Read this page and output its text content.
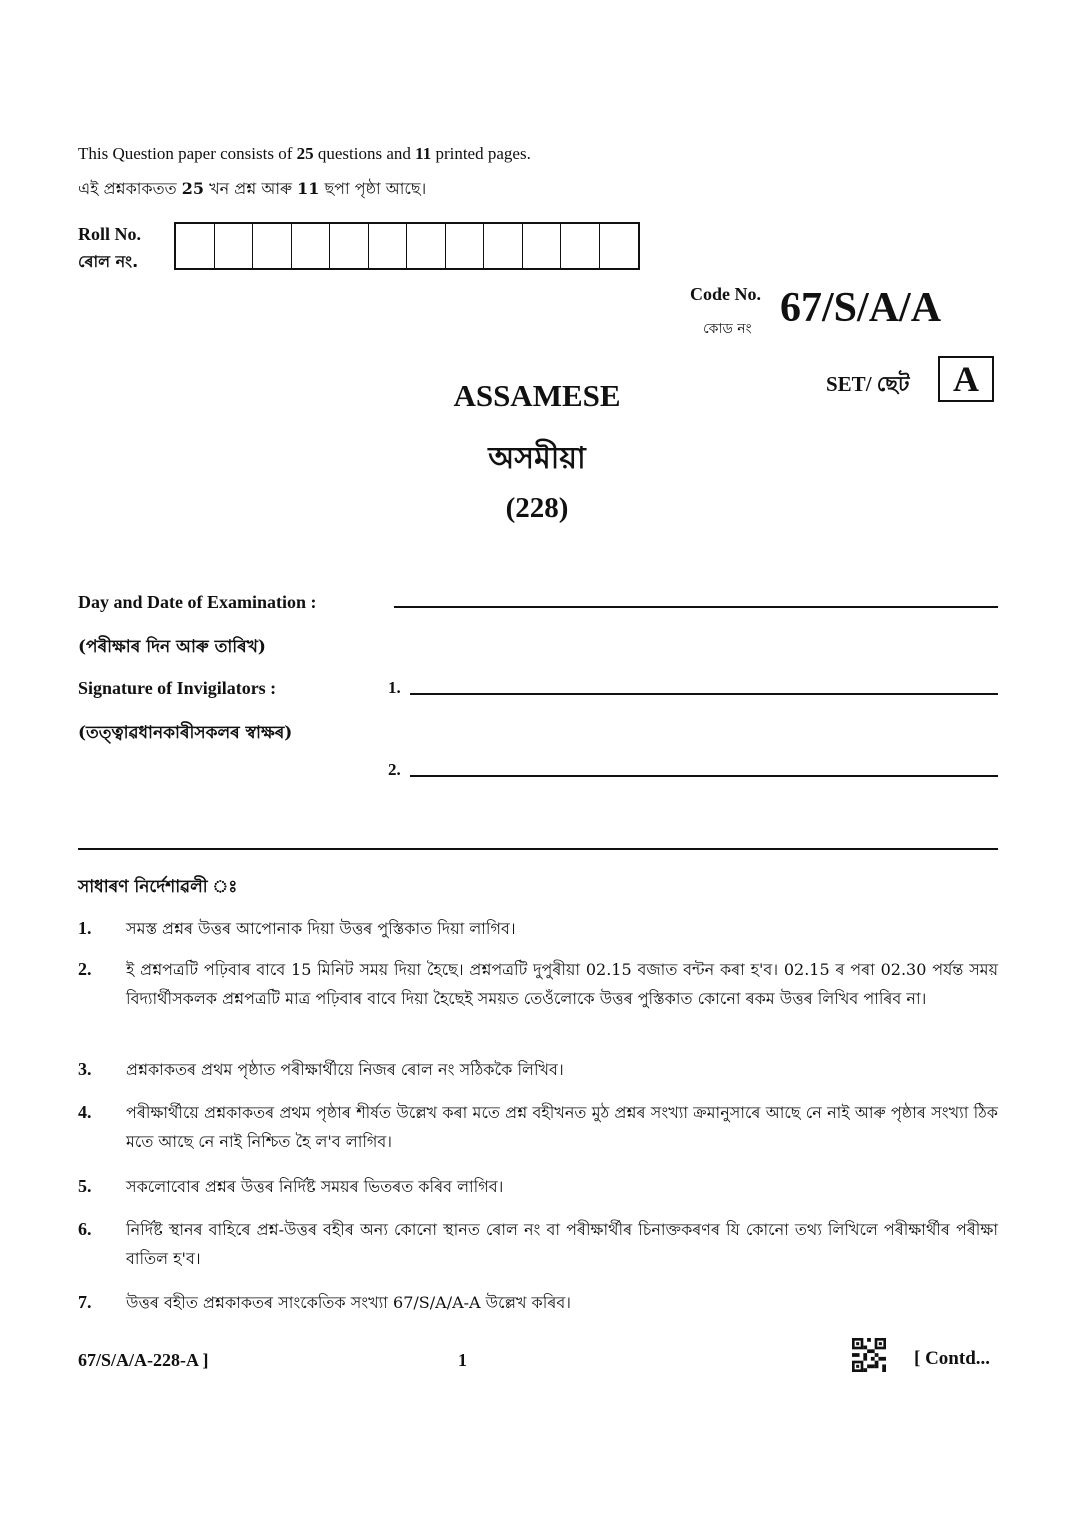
This Question paper consists of 25 questions and 11 printed pages.
এই প্ৰশ্নকাকতত 25 খন প্ৰশ্ন আৰু 11 ছপা পৃষ্ঠা আছে।
Roll No.
ৰোল নং.
Code No.
কোড নং 67/S/A/A
SET/ ছেট	A
ASSAMESE
অসমীয়া
(228)
Day and Date of Examination :
(পৰীক্ষাৰ দিন আৰু তাৰিখ)
Signature of Invigilators :	1.
(তত্ত্বাৱধানকাৰীসকলৰ স্বাক্ষৰ)
2.
সাধাৰণ নিৰ্দেশাৱলী ঃ
1.	সমস্ত প্ৰশ্নৰ উত্তৰ আপোনাক দিয়া উত্তৰ পুস্তিকাত দিয়া লাগিব।
2.	ই প্ৰশ্নপত্ৰটি পঢ়িবাৰ বাবে 15 মিনিট সময় দিয়া হৈছে। প্ৰশ্নপত্ৰটি দুপুৰীয়া 02.15 বজাত বন্টন কৰা হ'ব। 02.15 ৰ পৰা 02.30 পৰ্যন্ত সময় বিদ্যাৰ্থীসকলক প্ৰশ্নপত্ৰটি মাত্ৰ পঢ়িবাৰ বাবে দিয়া হৈছেই সময়ত তেওঁলোকে উত্তৰ পুস্তিকাত কোনো ৰকম উত্তৰ লিখিব পাৰিব না।
3.	প্ৰশ্নকাকতৰ প্ৰথম পৃষ্ঠাত পৰীক্ষাৰ্থীয়ে নিজৰ ৰোল নং সঠিককৈ লিখিব।
4.	পৰীক্ষাৰ্থীয়ে প্ৰশ্নকাকতৰ প্ৰথম পৃষ্ঠাৰ শীৰ্ষত উল্লেখ কৰা মতে প্ৰশ্ন বহীখনত মুঠ প্ৰশ্নৰ সংখ্যা ক্ৰমানুসাৰে আছে নে নাই আৰু পৃষ্ঠাৰ সংখ্যা ঠিক মতে আছে নে নাই নিশ্চিত হৈ ল'ব লাগিব।
5.	সকলোবোৰ প্ৰশ্নৰ উত্তৰ নিৰ্দিষ্ট সময়ৰ ভিতৰত কৰিব লাগিব।
6.	নিৰ্দিষ্ট স্থানৰ বাহিৰে প্ৰশ্ন-উত্তৰ বহীৰ অন্য কোনো স্থানত ৰোল নং বা পৰীক্ষাৰ্থীৰ চিনাক্তকৰণৰ যি কোনো তথ্য লিখিলে পৰীক্ষাৰ্থীৰ পৰীক্ষা বাতিল হ'ব।
7.	উত্তৰ বহীত প্ৰশ্নকাকতৰ সাংকেতিক সংখ্যা 67/S/A/A-A উল্লেখ কৰিব।
67/S/A/A-228-A ]	1	[ Contd...
